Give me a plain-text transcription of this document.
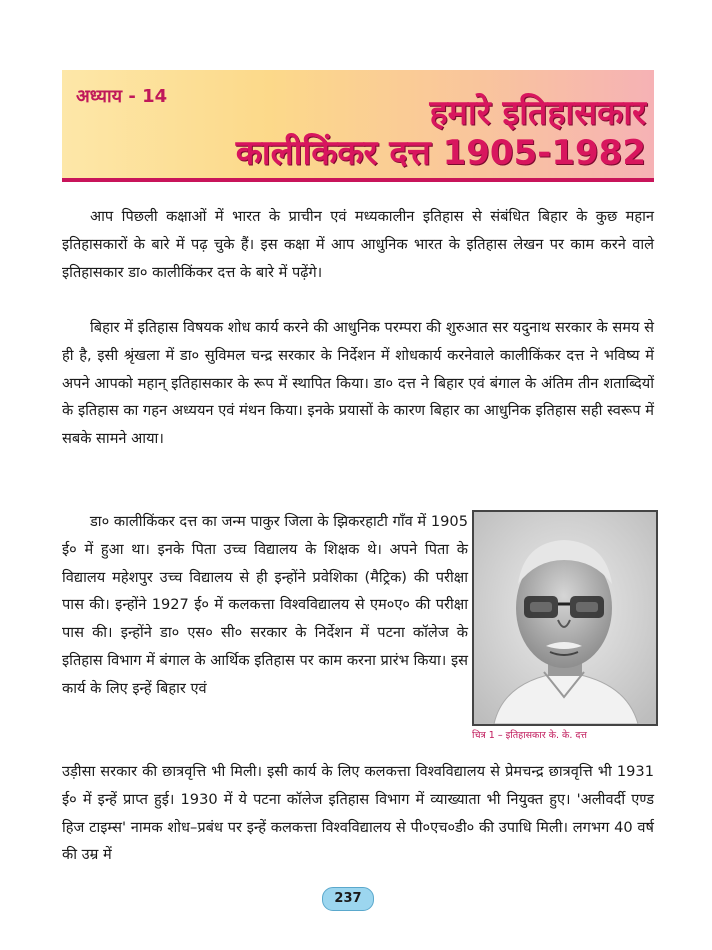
अध्याय - 14	हमारे इतिहासकार
कालीकिंकर दत्त 1905-1982

आप पिछली कक्षाओं में भारत के प्राचीन एवं मध्यकालीन इतिहास से संबंधित बिहार के कुछ महान इतिहासकारों के बारे में पढ़ चुके हैं। इस कक्षा में आप आधुनिक भारत के इतिहास लेखन पर काम करने वाले इतिहासकार डा० कालीकिंकर दत्त के बारे में पढ़ेंगे।

बिहार में इतिहास विषयक शोध कार्य करने की आधुनिक परम्परा की शुरुआत सर यदुनाथ सरकार के समय से ही है, इसी श्रृंखला में डा० सुविमल चन्द्र सरकार के निर्देशन में शोधकार्य करनेवाले कालीकिंकर दत्त ने भविष्य में अपने आपको महान् इतिहासकार के रूप में स्थापित किया। डा० दत्त ने बिहार एवं बंगाल के अंतिम तीन शताब्दियों के इतिहास का गहन अध्ययन एवं मंथन किया। इनके प्रयासों के कारण बिहार का आधुनिक इतिहास सही स्वरूप में सबके सामने आया।

डा० कालीकिंकर दत्त का जन्म पाकुर जिला के झिकरहाटी गाँव में 1905 ई० में हुआ था। इनके पिता उच्च विद्यालय के शिक्षक थे। अपने पिता के विद्यालय महेशपुर उच्च विद्यालय से ही इन्होंने प्रवेशिका (मैट्रिक) की परीक्षा पास की। इन्होंने 1927 ई० में कलकत्ता विश्वविद्यालय से एम०ए० की परीक्षा पास की। इन्होंने डा० एस० सी० सरकार के निर्देशन में पटना कॉलेज के इतिहास विभाग में बंगाल के आर्थिक इतिहास पर काम करना प्रारंभ किया। इस कार्य के लिए इन्हें बिहार एवं

चित्र 1 – इतिहासकार के. के. दत्त

उड़ीसा सरकार की छात्रवृत्ति भी मिली। इसी कार्य के लिए कलकत्ता विश्वविद्यालय से प्रेमचन्द्र छात्रवृत्ति भी 1931 ई० में इन्हें प्राप्त हुई। 1930 में ये पटना कॉलेज इतिहास विभाग में व्याख्याता भी नियुक्त हुए। 'अलीवर्दी एण्ड हिज टाइम्स' नामक शोध–प्रबंध पर इन्हें कलकत्ता विश्वविद्यालय से पी०एच०डी० की उपाधि मिली। लगभग 40 वर्ष की उम्र में

237
